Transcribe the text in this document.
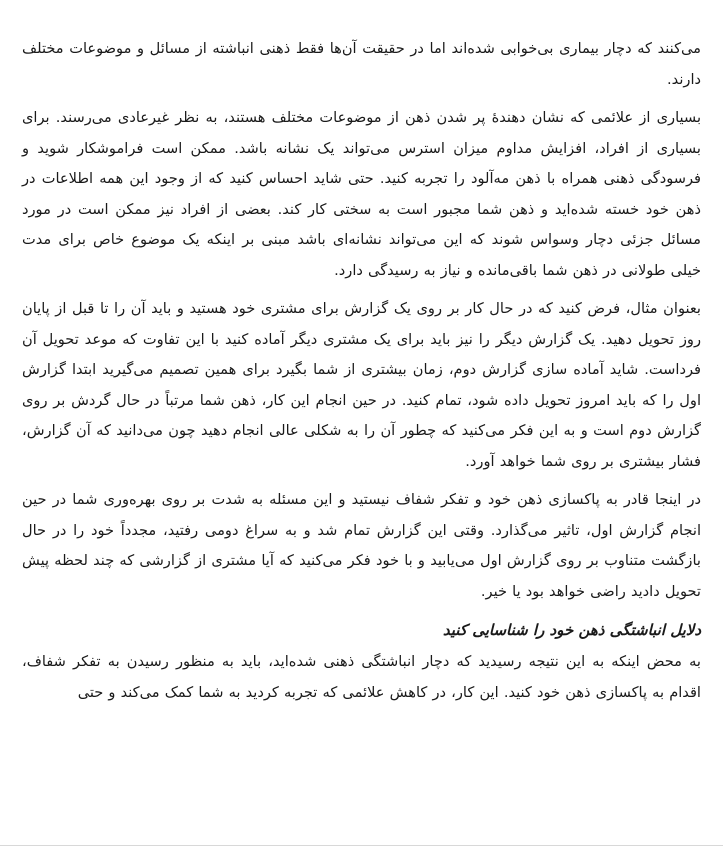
می‌کنند که دچار بیماری بی‌خوابی شده‌اند اما در حقیقت آن‌ها فقط ذهنی انباشته از مسائل و موضوعات مختلف دارند.

بسیاری از علائمی که نشان دهندهٔ پر شدن ذهن از موضوعات مختلف هستند، به نظر غیرعادی می‌رسند. برای بسیاری از افراد، افزایش مداوم میزان استرس می‌تواند یک نشانه باشد. ممکن است فراموشکار شوید و فرسودگی ذهنی همراه با ذهن مه‌آلود را تجربه کنید. حتی شاید احساس کنید که از وجود این همه اطلاعات در ذهن خود خسته شده‌اید و ذهن شما مجبور است به سختی کار کند. بعضی از افراد نیز ممکن است در مورد مسائل جزئی دچار وسواس شوند که این می‌تواند نشانه‌ای باشد مبنی بر اینکه یک موضوع خاص برای مدت خیلی طولانی در ذهن شما باقی‌مانده و نیاز به رسیدگی دارد.

بعنوان مثال، فرض کنید که در حال کار بر روی یک گزارش برای مشتری خود هستید و باید آن را تا قبل از پایان روز تحویل دهید. یک گزارش دیگر را نیز باید برای یک مشتری دیگر آماده کنید با این تفاوت که موعد تحویل آن فرداست. شاید آماده سازی گزارش دوم، زمان بیشتری از شما بگیرد برای همین تصمیم می‌گیرید ابتدا گزارش اول را که باید امروز تحویل داده شود، تمام کنید. در حین انجام این کار، ذهن شما مرتباً در حال گردش بر روی گزارش دوم است و به این فکر می‌کنید که چطور آن را به شکلی عالی انجام دهید چون می‌دانید که آن گزارش، فشار بیشتری بر روی شما خواهد آورد.

در اینجا قادر به پاکسازی ذهن خود و تفکر شفاف نیستید و این مسئله به شدت بر روی بهره‌وری شما در حین انجام گزارش اول، تاثیر می‌گذارد. وقتی این گزارش تمام شد و به سراغ دومی رفتید، مجدداً خود را در حال بازگشت متناوب بر روی گزارش اول می‌یابید و با خود فکر می‌کنید که آیا مشتری از گزارشی که چند لحظه پیش تحویل دادید راضی خواهد بود یا خیر.

دلایل انباشتگی ذهن خود را شناسایی کنید

به محض اینکه به این نتیجه رسیدید که دچار انباشتگی ذهنی شده‌اید، باید به منظور رسیدن به تفکر شفاف، اقدام به پاکسازی ذهن خود کنید. این کار، در کاهش علائمی که تجربه کردید به شما کمک می‌کند و حتی
